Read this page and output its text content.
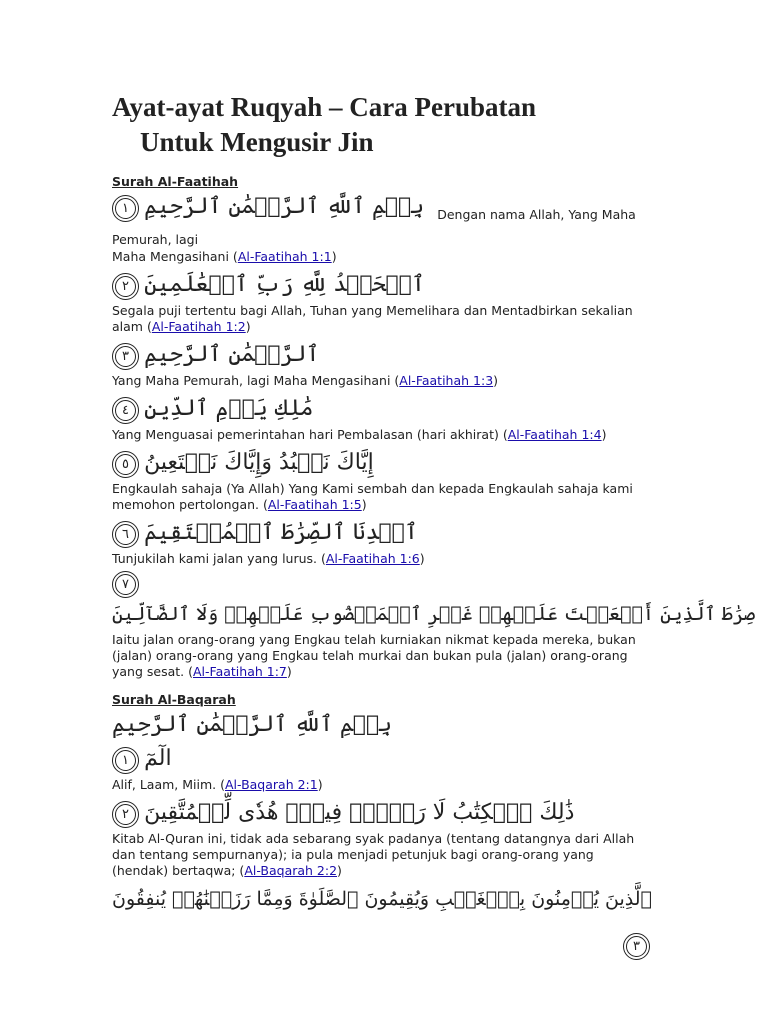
Ayat-ayat Ruqyah – Cara Perubatan
Untuk Mengusir Jin
Surah Al-Faatihah
١ بِسۡمِ ٱللَّهِ ٱلرَّحۡمَٰنِ ٱلرَّحِيمِ $_{Dengan nama Allah, Yang Maha Pemurah, lagi}$
Maha Mengasihani (Al-Faatihah 1:1)
٢ ٱلۡحَمۡدُ لِلَّهِ رَبِّ ٱلۡعَٰلَمِينَ
Segala puji tertentu bagi Allah, Tuhan yang Memelihara dan Mentadbirkan sekalian alam (Al-Faatihah 1:2)
٣ ٱلرَّحۡمَٰنِ ٱلرَّحِيمِ
Yang Maha Pemurah, lagi Maha Mengasihani (Al-Faatihah 1:3)
٤ مَٰلِكِ يَوۡمِ ٱلدِّينِ
Yang Menguasai pemerintahan hari Pembalasan (hari akhirat) (Al-Faatihah 1:4)
٥ إِيَّاكَ نَعۡبُدُ وَإِيَّاكَ نَسۡتَعِينُ
Engkaulah sahaja (Ya Allah) Yang Kami sembah dan kepada Engkaulah sahaja kami memohon pertolongan. (Al-Faatihah 1:5)
٦ ٱهۡدِنَا ٱلصِّرَٰطَ ٱلۡمُسۡتَقِيمَ
Tunjukilah kami jalan yang lurus. (Al-Faatihah 1:6)
٧ صِرَٰطَ ٱلَّذِينَ أَنۡعَمۡتَ عَلَيۡهِمۡ غَيۡرِ ٱلۡمَغۡضُوبِ عَلَيۡهِمۡ وَلَا ٱلضَّآلِّينَ
Iaitu jalan orang-orang yang Engkau telah kurniakan nikmat kepada mereka, bukan (jalan) orang-orang yang Engkau telah murkai dan bukan pula (jalan) orang-orang yang sesat. (Al-Faatihah 1:7)
Surah Al-Baqarah
بِسۡمِ ٱللَّهِ ٱلرَّحۡمَٰنِ ٱلرَّحِيمِ
١ الٓمٓ
Alif, Laam, Miim. (Al-Baqarah 2:1)
٢ ذَٰلِكَ ٱلۡكِتَٰبُ لَا رَيۡبَۛ فِيهِۛ هُدٗى لِّلۡمُتَّقِينَ
Kitab Al-Quran ini, tidak ada sebarang syak padanya (tentang datangnya dari Allah dan tentang sempurnanya); ia pula menjadi petunjuk bagi orang-orang yang (hendak) bertaqwa; (Al-Baqarah 2:2)
ٱلَّذِينَ يُؤۡمِنُونَ بِٱلۡغَيۡبِ وَيُقِيمُونَ ٱلصَّلَوٰةَ وَمِمَّا رَزَقۡنَٰهُمۡ يُنفِقُونَ
٣
